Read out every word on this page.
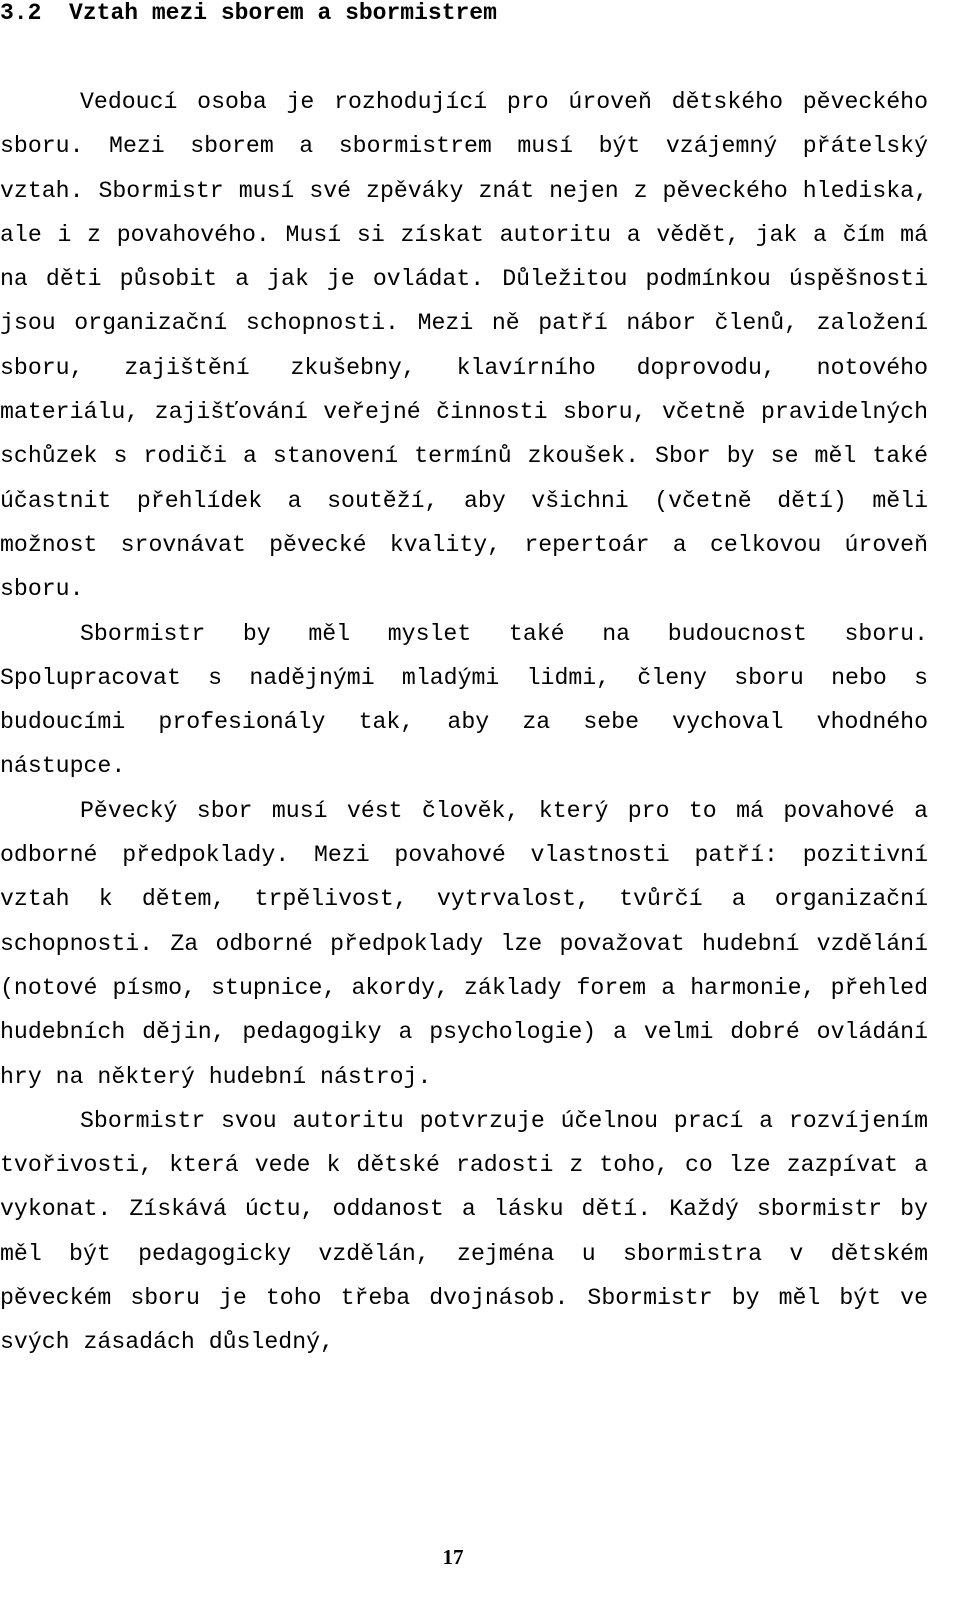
3.2 Vztah mezi sborem a sbormistrem

Vedoucí osoba je rozhodující pro úroveň dětského pěveckého sboru. Mezi sborem a sbormistrem musí být vzájemný přátelský vztah. Sbormistr musí své zpěváky znát nejen z pěveckého hlediska, ale i z povahového. Musí si získat autoritu a vědět, jak a čím má na děti působit a jak je ovládat. Důležitou podmínkou úspěšnosti jsou organizační schopnosti. Mezi ně patří nábor členů, založení sboru, zajištění zkušebny, klavírního doprovodu, notového materiálu, zajišťování veřejné činnosti sboru, včetně pravidelných schůzek s rodiči a stanovení termínů zkoušek. Sbor by se měl také účastnit přehlídek a soutěží, aby všichni (včetně dětí) měli možnost srovnávat pěvecké kvality, repertoár a celkovou úroveň sboru.

Sbormistr by měl myslet také na budoucnost sboru. Spolupracovat s nadějnými mladými lidmi, členy sboru nebo s budoucími profesionály tak, aby za sebe vychoval vhodného nástupce.

Pěvecký sbor musí vést člověk, který pro to má povahové a odborné předpoklady. Mezi povahové vlastnosti patří: pozitivní vztah k dětem, trpělivost, vytrvalost, tvůrčí a organizační schopnosti. Za odborné předpoklady lze považovat hudební vzdělání (notové písmo, stupnice, akordy, základy forem a harmonie, přehled hudebních dějin, pedagogiky a psychologie) a velmi dobré ovládání hry na některý hudební nástroj.

Sbormistr svou autoritu potvrzuje účelnou prací a rozvíjením tvořivosti, která vede k dětské radosti z toho, co lze zazpívat a vykonat. Získává úctu, oddanost a lásku dětí. Každý sbormistr by měl být pedagogicky vzdělán, zejména u sbormistra v dětském pěveckém sboru je toho třeba dvojnásob. Sbormistr by měl být ve svých zásadách důsledný,

17
